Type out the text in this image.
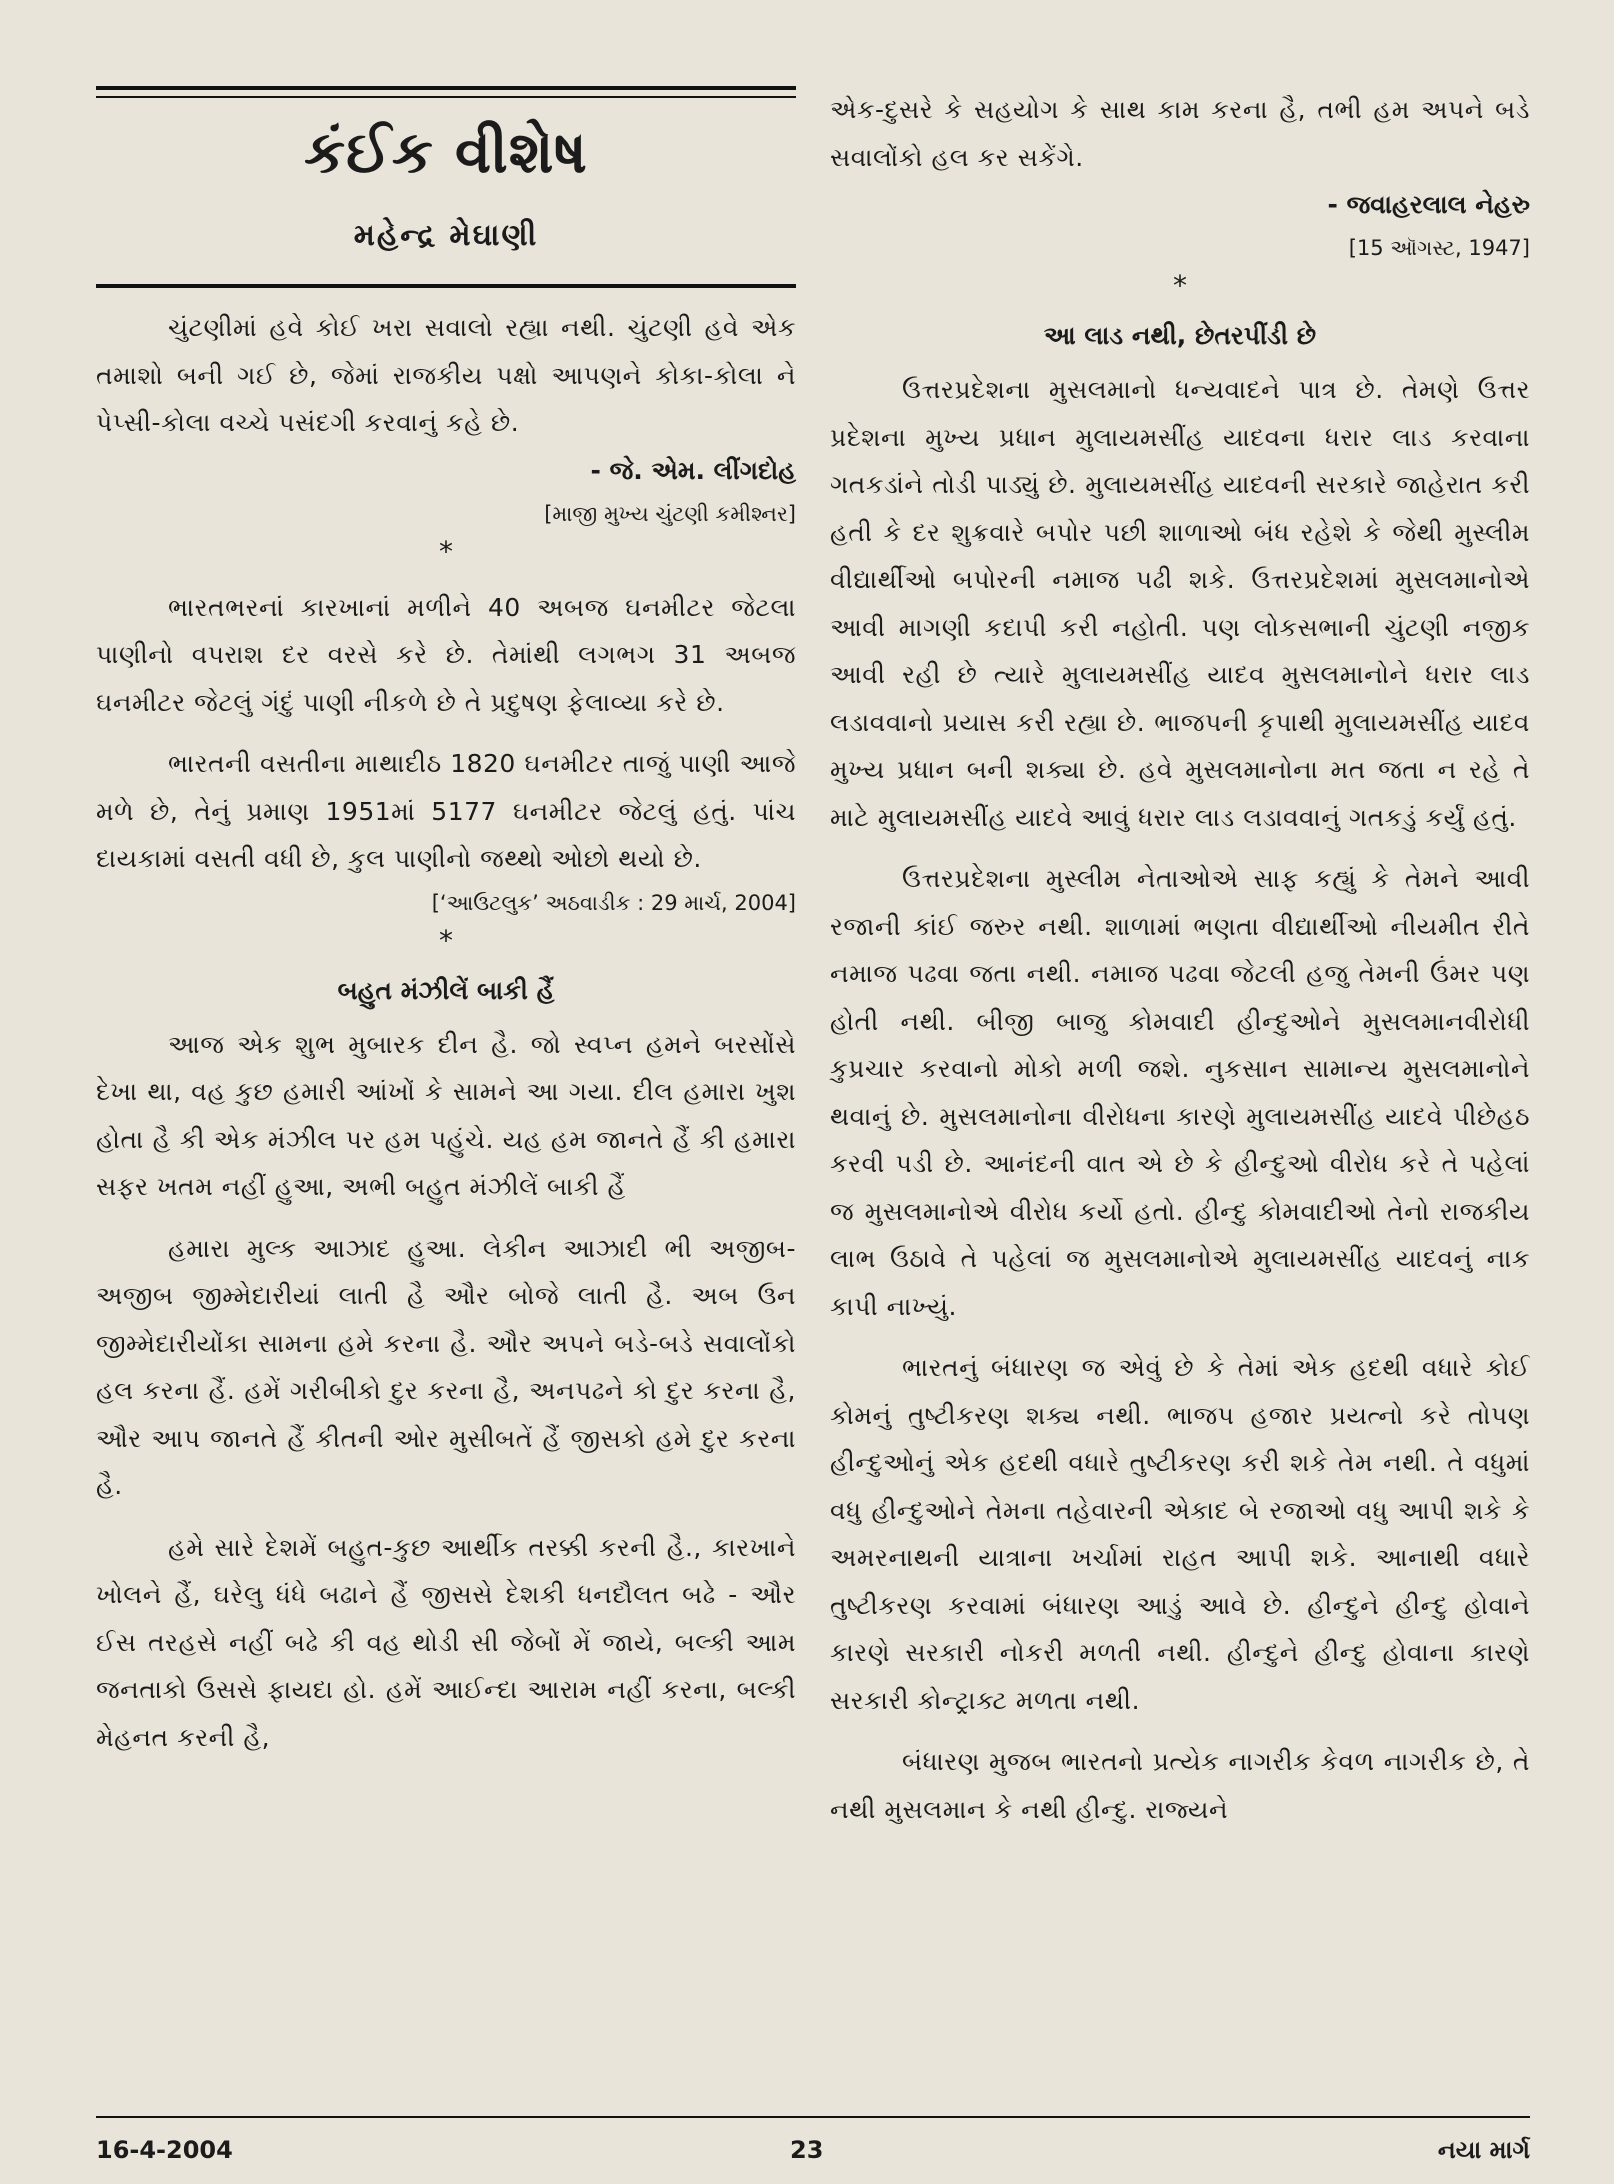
કંઈક વીશેષ
મહેન્દ્ર મેઘાણી

ચુંટણીમાં હવે કોઈ ખરા સવાલો રહ્યા નથી. ચુંટણી હવે એક તમાશો બની ગઈ છે, જેમાં રાજકીય પક્ષો આપણને કોકા-કોલા ને પેપ્સી-કોલા વચ્ચે પસંદગી કરવાનું કહે છે.

- જે. એમ. લીંગદોહ

[માજી મુખ્ય ચુંટણી કમીશ્નર]

*

ભારતભરનાં કારખાનાં મળીને 40 અબજ ઘનમીટર જેટલા પાણીનો વપરાશ દર વરસે કરે છે. તેમાંથી લગભગ 31 અબજ ઘનમીટર જેટલું ગંદું પાણી નીકળે છે તે પ્રદુષણ ફેલાવ્યા કરે છે.

ભારતની વસતીના માથાદીઠ 1820 ઘનમીટર તાજું પાણી આજે મળે છે, તેનું પ્રમાણ 1951માં 5177 ઘનમીટર જેટલું હતું. પાંચ દાયકામાં વસતી વધી છે, કુલ પાણીનો જથ્થો ઓછો થયો છે.

[‘આઉટલુક’ અઠવાડીક : 29 માર્ચ, 2004]

*

બહુત મંઝીલેં બાકી હૈં

આજ એક શુભ મુબારક દીન હૈ. જો સ્વપ્ન હમને બરસોંસે દેખા થા, વહ કુછ હમારી આંખોં કે સામને આ ગયા. દીલ હમારા ખુશ હોતા હૈ કી એક મંઝીલ પર હમ પહુંચે. યહ હમ જાનતે હૈં કી હમારા સફર ખતમ નહીં હુઆ, અભી બહુત મંઝીલેં બાકી હૈં

હમારા મુલ્ક આઝાદ હુઆ. લેકીન આઝાદી ભી અજીબ-અજીબ જીમ્મેદારીયાં લાતી હૈ ઔર બોજે લાતી હૈ. અબ ઉન જીમ્મેદારીયોંકા સામના હમે કરના હૈ. ઔર અપને બડે-બડે સવાલોંકો હલ કરના હૈં. હમેં ગરીબીકો દુર કરના હૈ, અનપઢને કો દુર કરના હૈ, ઔર આપ જાનતે હૈં કીતની ઓર મુસીબતેં હૈં જીસકો હમે દુર કરના હૈ.

હમે સારે દેશમેં બહુત-કુછ આર્થીક તરક્કી કરની હૈ., કારખાને ખોલને હૈં, ઘરેલુ ધંધે બઢાને હૈં જીસસે દેશકી ધનદૌલત બઢે - ઔર ઈસ તરહસે નહીં બઢે કી વહ થોડી સી જેબોં મેં જાયે, બલ્કી આમ જનતાકો ઉસસે ફાયદા હો. હમેં આઈન્દા આરામ નહીં કરના, બલ્કી મેહનત કરની હૈ,

એક-દુસરે કે સહયોગ કે સાથ કામ કરના હૈ, તભી હમ અપને બડે સવાલોંકો હલ કર સકેંગે.

- જવાહરલાલ નેહરુ

[15 ઑગસ્ટ, 1947]

*

આ લાડ નથી, છેતરપીંડી છે

ઉત્તરપ્રદેશના મુસલમાનો ધન્યવાદને પાત્ર છે. તેમણે ઉત્તર પ્રદેશના મુખ્ય પ્રધાન મુલાયમસીંહ યાદવના ધરાર લાડ કરવાના ગતકડાંને તોડી પાડ્યું છે. મુલાયમસીંહ યાદવની સરકારે જાહેરાત કરી હતી કે દર શુક્રવારે બપોર પછી શાળાઓ બંધ રહેશે કે જેથી મુસ્લીમ વીદ્યાર્થીઓ બપોરની નમાજ પઢી શકે. ઉત્તરપ્રદેશમાં મુસલમાનોએ આવી માગણી કદાપી કરી નહોતી. પણ લોકસભાની ચુંટણી નજીક આવી રહી છે ત્યારે મુલાયમસીંહ યાદવ મુસલમાનોને ધરાર લાડ લડાવવાનો પ્રયાસ કરી રહ્યા છે. ભાજપની કૃપાથી મુલાયમસીંહ યાદવ મુખ્ય પ્રધાન બની શક્યા છે. હવે મુસલમાનોના મત જતા ન રહે તે માટે મુલાયમસીંહ યાદવે આવું ધરાર લાડ લડાવવાનું ગતકડું કર્યું હતું.

ઉત્તરપ્રદેશના મુસ્લીમ નેતાઓએ સાફ કહ્યું કે તેમને આવી રજાની કાંઈ જરુર નથી. શાળામાં ભણતા વીદ્યાર્થીઓ નીયમીત રીતે નમાજ પઢવા જતા નથી. નમાજ પઢવા જેટલી હજુ તેમની ઉંમર પણ હોતી નથી. બીજી બાજુ કોમવાદી હીન્દુઓને મુસલમાનવીરોધી કુપ્રચાર કરવાનો મોકો મળી જશે. નુકસાન સામાન્ય મુસલમાનોને થવાનું છે. મુસલમાનોના વીરોધના કારણે મુલાયમસીંહ યાદવે પીછેહઠ કરવી પડી છે. આનંદની વાત એ છે કે હીન્દુઓ વીરોધ કરે તે પહેલાં જ મુસલમાનોએ વીરોધ કર્યો હતો. હીન્દુ કોમવાદીઓ તેનો રાજકીય લાભ ઉઠાવે તે પહેલાં જ મુસલમાનોએ મુલાયમસીંહ યાદવનું નાક કાપી નાખ્યું.

ભારતનું બંધારણ જ એવું છે કે તેમાં એક હદથી વધારે કોઈ કોમનું તુષ્ટીકરણ શક્ય નથી. ભાજપ હજાર પ્રયત્નો કરે તોપણ હીન્દુઓનું એક હદથી વધારે તુષ્ટીકરણ કરી શકે તેમ નથી. તે વધુમાં વધુ હીન્દુઓને તેમના તહેવારની એકાદ બે રજાઓ વધુ આપી શકે કે અમરનાથની યાત્રાના ખર્ચામાં રાહત આપી શકે. આનાથી વધારે તુષ્ટીકરણ કરવામાં બંધારણ આડું આવે છે. હીન્દુને હીન્દુ હોવાને કારણે સરકારી નોકરી મળતી નથી. હીન્દુને હીન્દુ હોવાના કારણે સરકારી કોન્ટ્રાક્ટ મળતા નથી.

બંધારણ મુજબ ભારતનો પ્રત્યેક નાગરીક કેવળ નાગરીક છે, તે નથી મુસલમાન કે નથી હીન્દુ. રાજ્યને

16-4-2004	23	નયા માર્ગ
